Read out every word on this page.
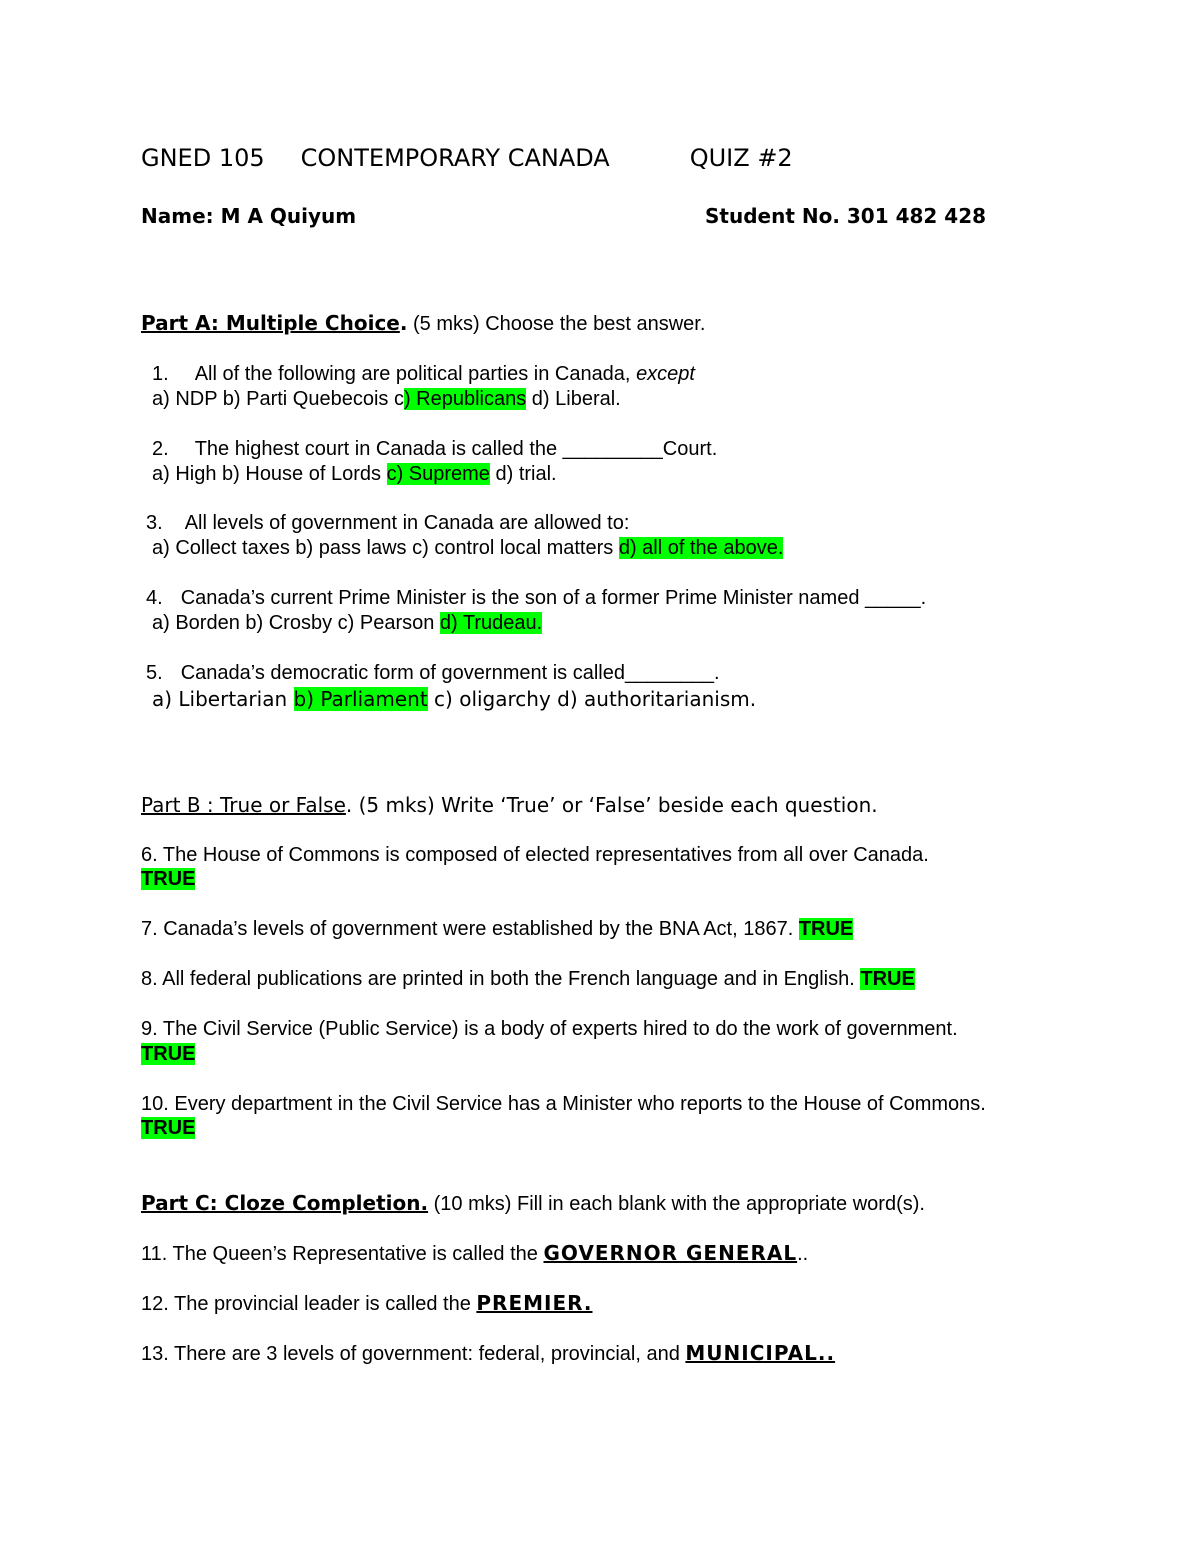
GNED 105 CONTEMPORARY CANADA	QUIZ #2
Name: M A Quiyum	Student No. 301 482 428
Part A: Multiple Choice. (5 mks) Choose the best answer.
1. All of the following are political parties in Canada, except
a) NDP b) Parti Quebecois c) Republicans d) Liberal.
2. The highest court in Canada is called the _________Court.
a) High b) House of Lords c) Supreme d) trial.
3. All levels of government in Canada are allowed to:
a) Collect taxes b) pass laws c) control local matters d) all of the above.
4. Canada’s current Prime Minister is the son of a former Prime Minister named _____.
a) Borden b) Crosby c) Pearson d) Trudeau.
5. Canada’s democratic form of government is called________.
a) Libertarian b) Parliament c) oligarchy d) authoritarianism.
Part B : True or False. (5 mks) Write ‘True’ or ‘False’ beside each question.
6. The House of Commons is composed of elected representatives from all over Canada.
TRUE
7. Canada’s levels of government were established by the BNA Act, 1867. TRUE
8. All federal publications are printed in both the French language and in English. TRUE
9. The Civil Service (Public Service) is a body of experts hired to do the work of government.
TRUE
10. Every department in the Civil Service has a Minister who reports to the House of Commons.
TRUE
Part C: Cloze Completion. (10 mks) Fill in each blank with the appropriate word(s).
11. The Queen’s Representative is called the GOVERNOR GENERAL..
12. The provincial leader is called the PREMIER.
13. There are 3 levels of government: federal, provincial, and MUNICIPAL..
